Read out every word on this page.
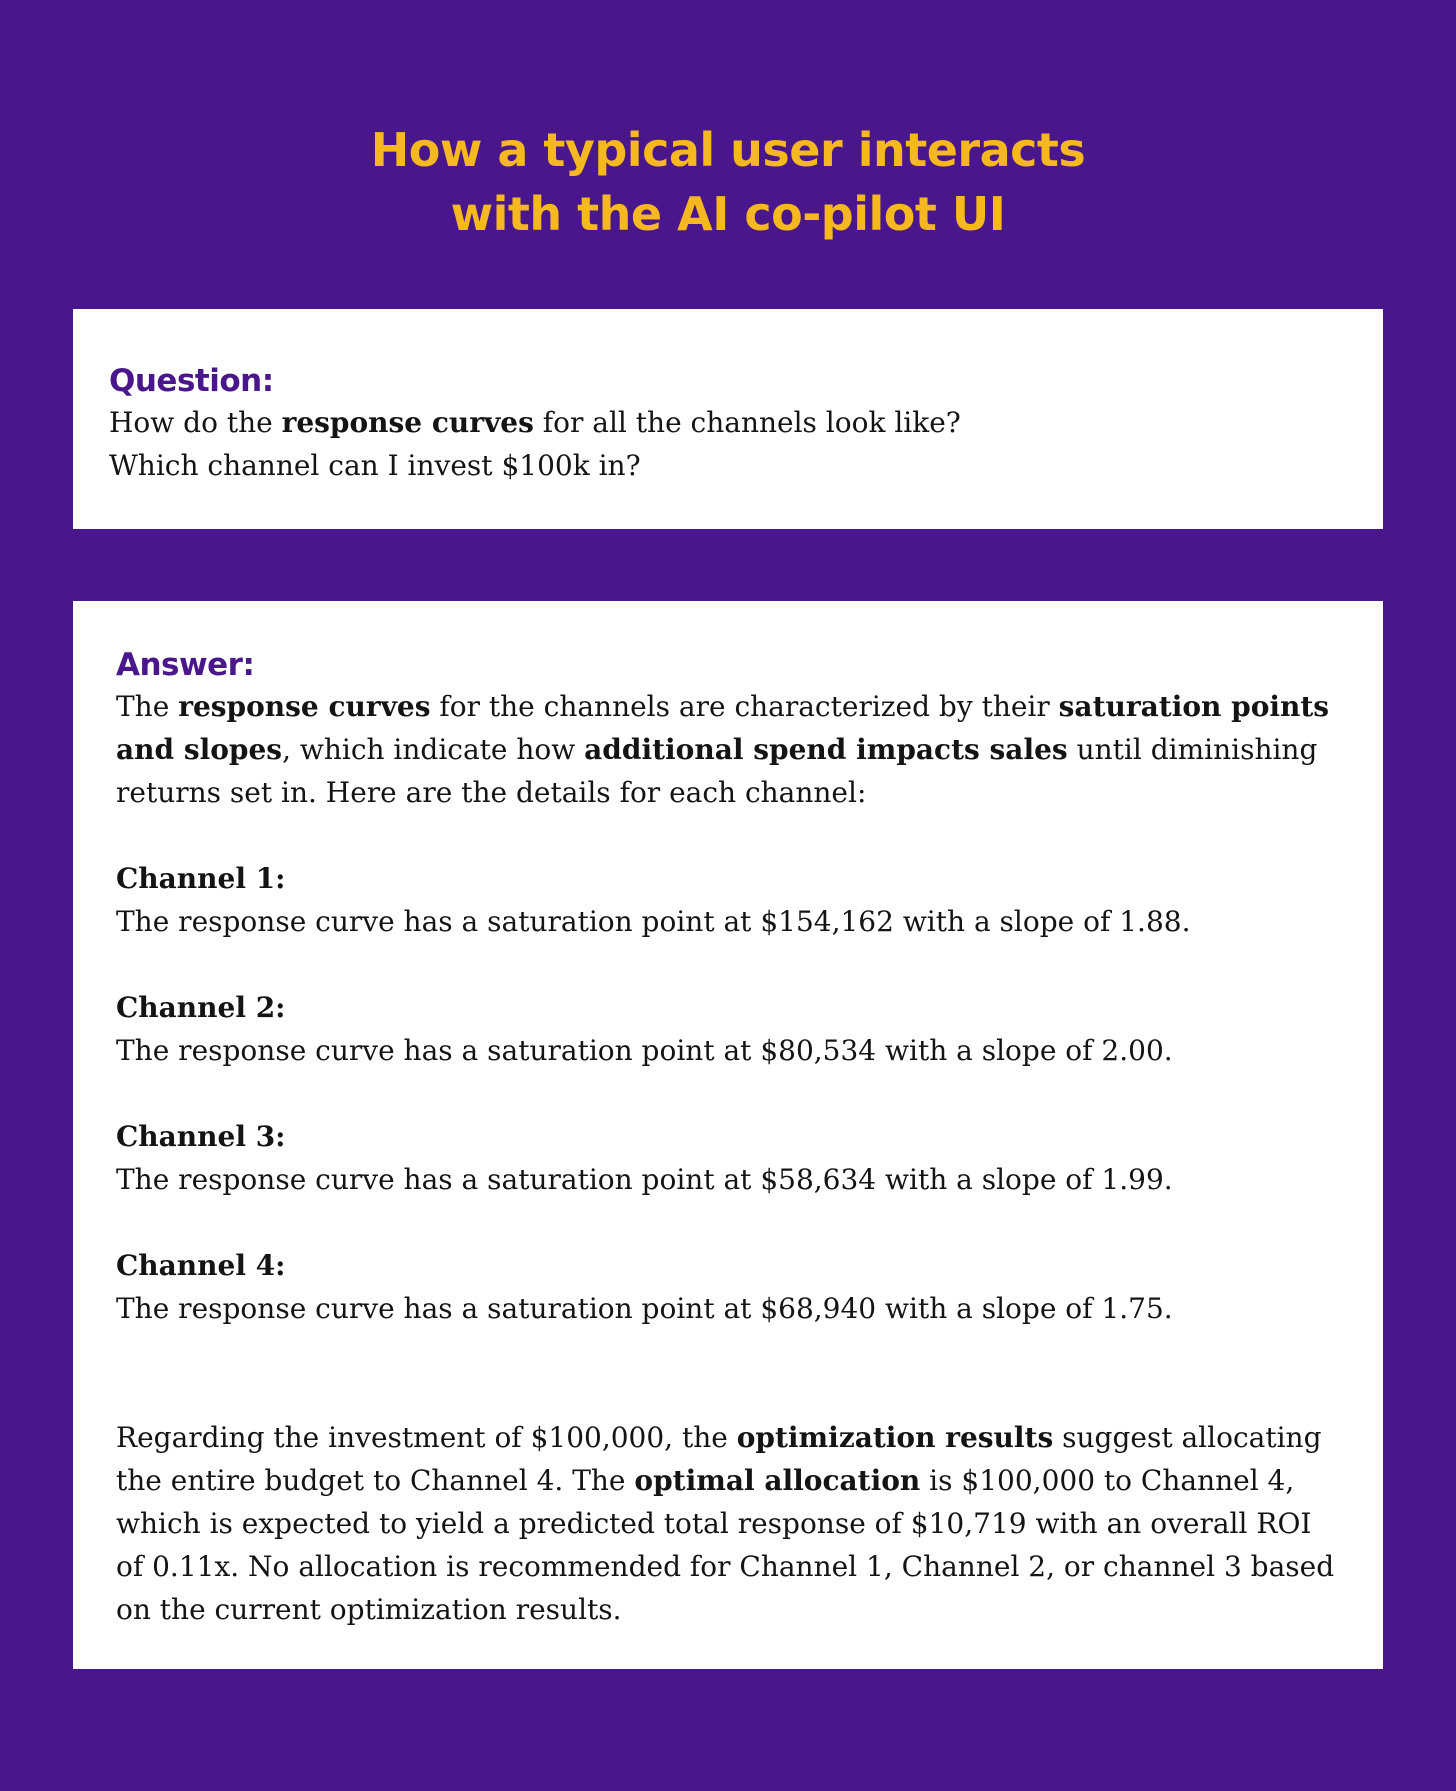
How a typical user interacts
with the AI co-pilot UI
Question:

How do the response curves for all the channels look like?

Which channel can I invest $100k in?

Answer:

The response curves for the channels are characterized by their saturation points and slopes, which indicate how additional spend impacts sales until diminishing returns set in. Here are the details for each channel:

Channel 1:

The response curve has a saturation point at $154,162 with a slope of 1.88.

Channel 2:

The response curve has a saturation point at $80,534 with a slope of 2.00.

Channel 3:

The response curve has a saturation point at $58,634 with a slope of 1.99.

Channel 4:

The response curve has a saturation point at $68,940 with a slope of 1.75.

Regarding the investment of $100,000, the optimization results suggest allocating the entire budget to Channel 4. The optimal allocation is $100,000 to Channel 4, which is expected to yield a predicted total response of $10,719 with an overall ROI of 0.11x. No allocation is recommended for Channel 1, Channel 2, or channel 3 based on the current optimization results.
